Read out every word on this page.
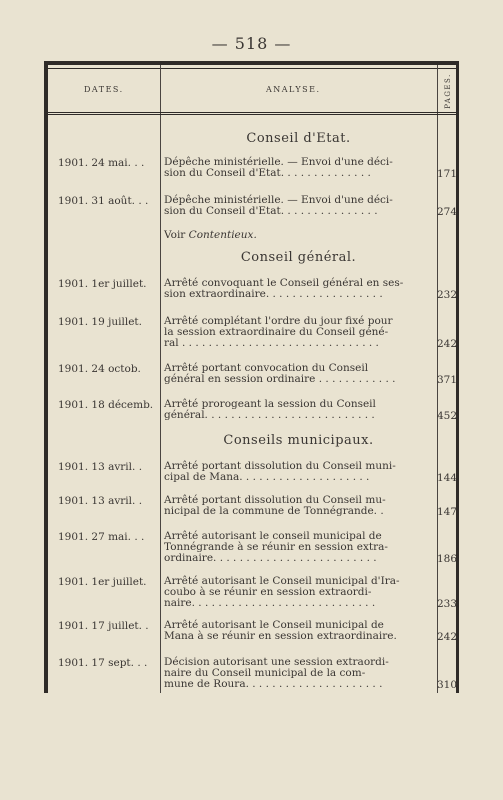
— 518 —
DATES.	ANALYSE.	PAGES.
Conseil d'Etat.
1901. 24 mai. . .	Dépêche ministérielle. — Envoi d'une déci-
sion du Conseil d'Etat. . . . . . . . . . . . . .	171
1901. 31 août. . .	Dépêche ministérielle. — Envoi d'une déci-
sion du Conseil d'Etat. . . . . . . . . . . . . . .	274
Voir Contentieux.
Conseil général.
1901. 1er juillet.	Arrêté convoquant le Conseil général en ses-
sion extraordinaire. . . . . . . . . . . . . . . . . .	232
1901. 19 juillet.	Arrêté complétant l'ordre du jour fixé pour
la session extraordinaire du Conseil géné-
ral . . . . . . . . . . . . . . . . . . . . . . . . . . . . . .	242
1901. 24 octob.	Arrêté portant convocation du Conseil
général en session ordinaire . . . . . . . . . . . .	371
1901. 18 décemb.	Arrêté prorogeant la session du Conseil
général. . . . . . . . . . . . . . . . . . . . . . . . . .	452
Conseils municipaux.
1901. 13 avril. .	Arrêté portant dissolution du Conseil muni-
cipal de Mana. . . . . . . . . . . . . . . . . . . .	144
1901. 13 avril. .	Arrêté portant dissolution du Conseil mu-
nicipal de la commune de Tonnégrande. .	147
1901. 27 mai. . .	Arrêté autorisant le conseil municipal de
Tonnégrande à se réunir en session extra-
ordinaire. . . . . . . . . . . . . . . . . . . . . . . . .	186
1901. 1er juillet.	Arrêté autorisant le Conseil municipal d'Ira-
coubo à se réunir en session extraordi-
naire. . . . . . . . . . . . . . . . . . . . . . . . . . . .	233
1901. 17 juillet. .	Arrêté autorisant le Conseil municipal de
Mana à se réunir en session extraordinaire.	242
1901. 17 sept. . .	Décision autorisant une session extraordi-
naire du Conseil municipal de la com-
mune de Roura. . . . . . . . . . . . . . . . . . . . .	310
